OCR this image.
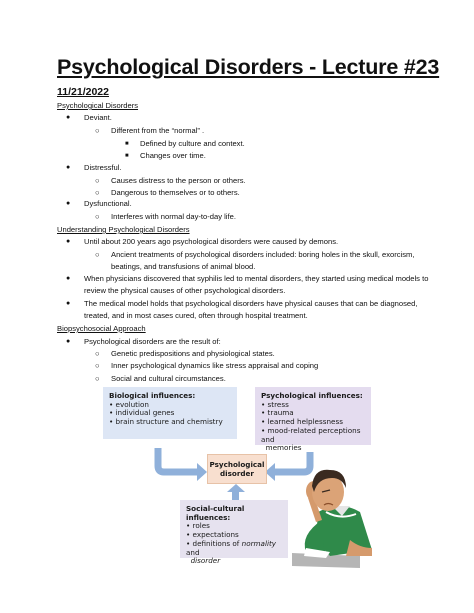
Psychological Disorders - Lecture #23
11/21/2022
Psychological Disorders
● Deviant.
○ Different from the “normal” .
■ Defined by culture and context.
■ Changes over time.
● Distressful.
○ Causes distress to the person or others.
○ Dangerous to themselves or to others.
● Dysfunctional.
○ Interferes with normal day-to-day life.
Understanding Psychological Disorders
● Until about 200 years ago psychological disorders were caused by demons.
○ Ancient treatments of psychological disorders included: boring holes in the skull, exorcism,
beatings, and transfusions of animal blood.
● When physicians discovered that syphilis led to mental disorders, they started using medical models to
review the physical causes of other psychological disorders.
● The medical model holds that psychological disorders have physical causes that can be diagnosed,
treated, and in most cases cured, often through hospital treatment.
Biopsychosocial Approach
● Psychological disorders are the result of:
○ Genetic predispositions and physiological states.
○ Inner psychological dynamics like stress appraisal and coping
○ Social and cultural circumstances.
Biological influences:
• evolution
• individual genes
• brain structure and chemistry
Psychological influences:
• stress
• trauma
• learned helplessness
• mood-related perceptions and
memories
Psychological
disorder
Social-cultural influences:
• roles
• expectations
• definitions of normality and
disorder
